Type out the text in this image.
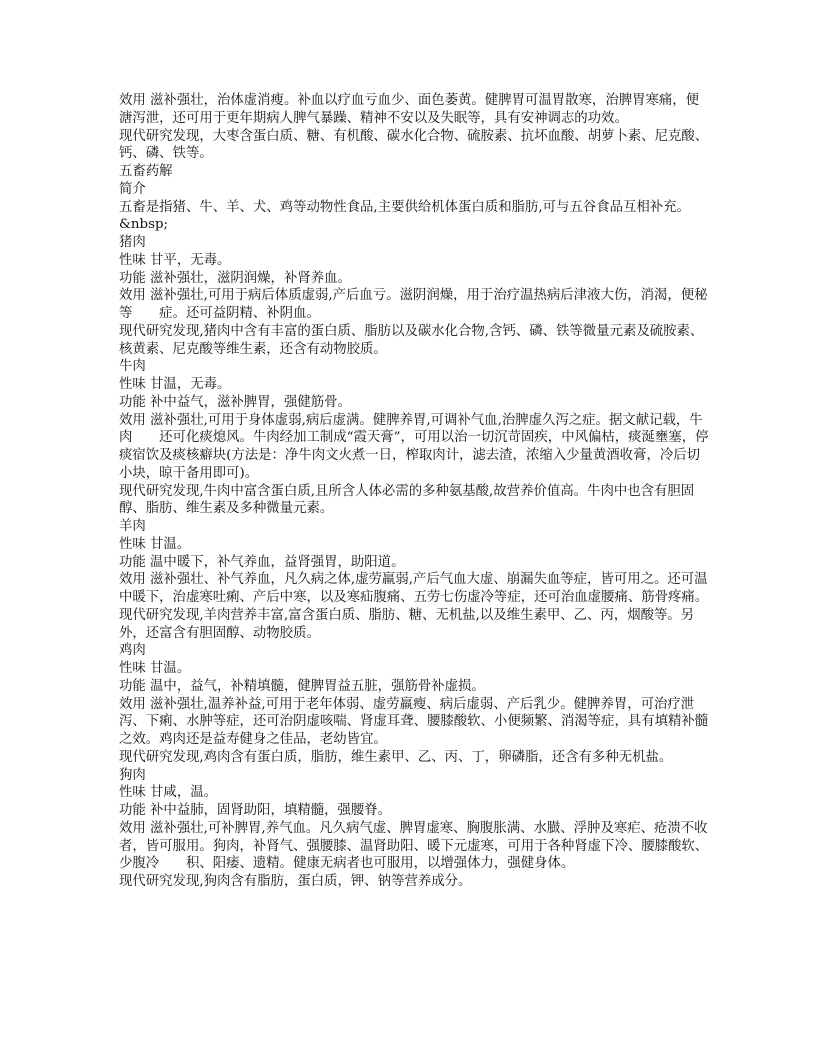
效用 滋补强壮，治体虚消瘦。补血以疗血亏血少、面色萎黄。健脾胃可温胃散寒，治脾胃寒痛，便溏泻泄，还可用于更年期病人脾气暴躁、精神不安以及失眠等，具有安神调志的功效。

现代研究发现，大枣含蛋白质、糖、有机酸、碳水化合物、硫胺素、抗坏血酸、胡萝卜素、尼克酸、钙、磷、铁等。

五畜药解

简介

五畜是指猪、牛、羊、犬、鸡等动物性食品,主要供给机体蛋白质和脂肪,可与五谷食品互相补充。

&nbsp;

猪肉

性味 甘平，无毒。

功能 滋补强壮，滋阴润燥，补肾养血。

效用 滋补强壮,可用于病后体质虚弱,产后血亏。滋阴润燥，用于治疗温热病后津液大伤，消渴，便秘等　　症。还可益阴精、补阴血。

现代研究发现,猪肉中含有丰富的蛋白质、脂肪以及碳水化合物,含钙、磷、铁等微量元素及硫胺素、核黄素、尼克酸等维生素，还含有动物胶质。

牛肉

性味 甘温，无毒。

功能 补中益气，滋补脾胃，强健筋骨。

效用 滋补强壮,可用于身体虚弱,病后虚满。健脾养胃,可调补气血,治脾虚久泻之症。据文献记载，牛肉　　还可化痰熄风。牛肉经加工制成“霞天膏”，可用以治一切沉苛固疾，中风偏枯，痰涎壅塞，停痰宿饮及痰核癖块(方法是：净牛肉文火煮一日，榨取肉计，滤去渣，浓缩入少量黄酒收膏，冷后切小块，晾干备用即可)。

现代研究发现,牛肉中富含蛋白质,且所含人体必需的多种氨基酸,故营养价值高。牛肉中也含有胆固醇、脂肪、维生素及多种微量元素。

羊肉

性味 甘温。

功能 温中暖下，补气养血，益肾强胃，助阳道。

效用 滋补强壮、补气养血，凡久病之体,虚劳羸弱,产后气血大虚、崩漏失血等症，皆可用之。还可温中暖下，治虚寒吐痢、产后中寒，以及寒疝腹痛、五劳七伤虚冷等症，还可治血虚腰痛、筋骨疼痛。

现代研究发现,羊肉营养丰富,富含蛋白质、脂肪、糖、无机盐,以及维生素甲、乙、丙，烟酸等。另外，还富含有胆固醇、动物胶质。

鸡肉

性味 甘温。

功能 温中，益气，补精填髓，健脾胃益五脏，强筋骨补虚损。

效用 滋补强壮,温养补益,可用于老年体弱、虚劳羸瘦、病后虚弱、产后乳少。健脾养胃，可治疗泄泻、下痢、水肿等症，还可治阴虚咳喘、肾虚耳聋、腰膝酸软、小便频繁、消渴等症，具有填精补髓之效。鸡肉还是益寿健身之佳品，老幼皆宜。

现代研究发现,鸡肉含有蛋白质，脂肪，维生素甲、乙、丙、丁，卵磷脂，还含有多种无机盐。

狗肉

性味 甘咸，温。

功能 补中益肺，固肾助阳，填精髓，强腰脊。

效用 滋补强壮,可补脾胃,养气血。凡久病气虚、脾胃虚寒、胸腹胀满、水臌、浮肿及寒疟、疮溃不收者，皆可服用。狗肉，补肾气、强腰膝、温肾助阳、暖下元虚寒，可用于各种肾虚下冷、腰膝酸软、少腹冷　　积、阳痿、遗精。健康无病者也可服用，以增强体力，强健身体。

现代研究发现,狗肉含有脂肪，蛋白质，钾、钠等营养成分。
